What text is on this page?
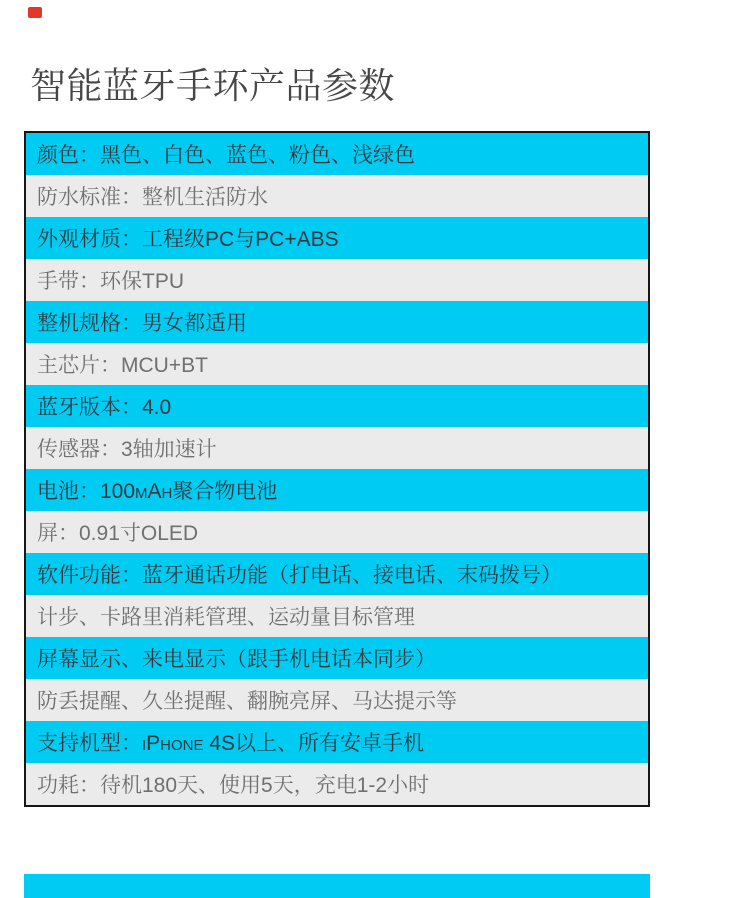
智能蓝牙手环产品参数
颜色：黑色、白色、蓝色、粉色、浅绿色
防水标准：整机生活防水
外观材质：工程级PC与PC+ABS
手带：环保TPU
整机规格：男女都适用
主芯片：MCU+BT
蓝牙版本：4.0
传感器：3轴加速计
电池：100mAh聚合物电池
屏：0.91寸OLED
软件功能：蓝牙通话功能（打电话、接电话、末码拨号）
计步、卡路里消耗管理、运动量目标管理
屏幕显示、来电显示（跟手机电话本同步）
防丢提醒、久坐提醒、翻腕亮屏、马达提示等
支持机型：iPhone 4S以上、所有安卓手机
功耗：待机180天、使用5天，充电1-2小时
